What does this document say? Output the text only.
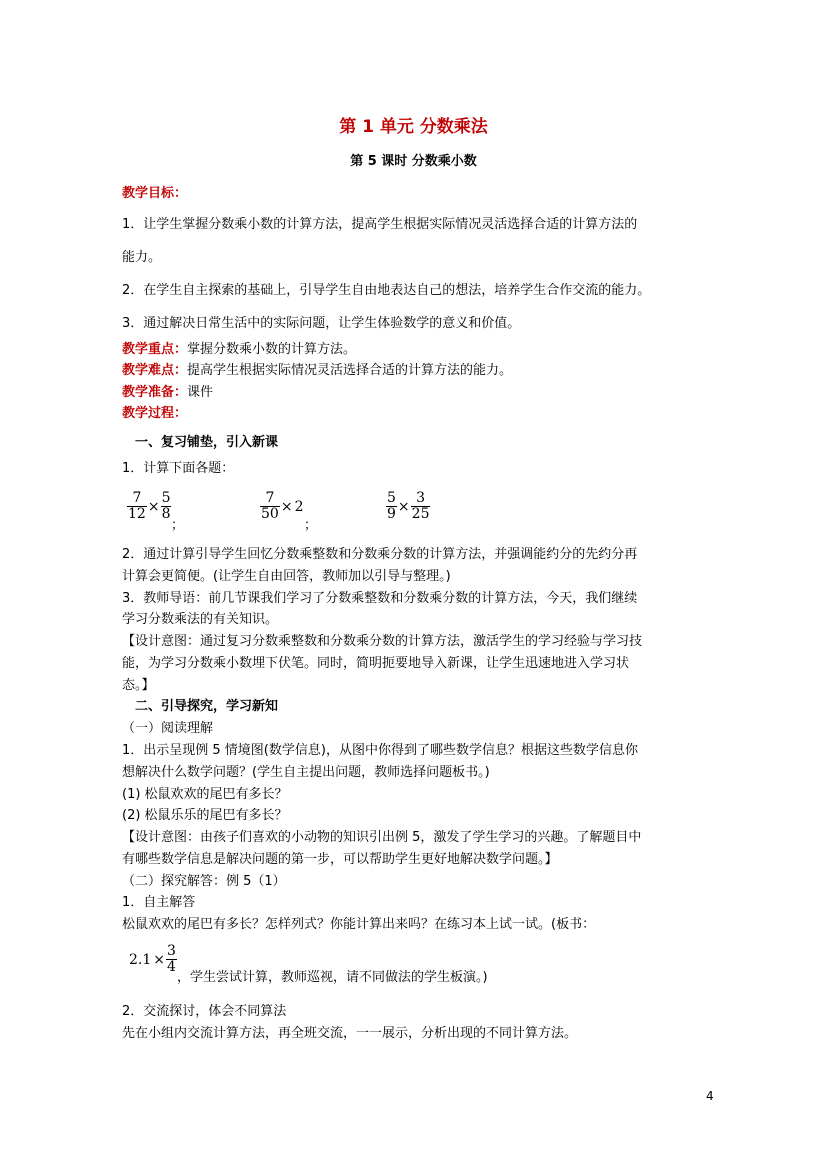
第 1 单元 分数乘法
第 5 课时 分数乘小数
教学目标：
1．让学生掌握分数乘小数的计算方法，提高学生根据实际情况灵活选择合适的计算方法的
能力。
2．在学生自主探索的基础上，引导学生自由地表达自己的想法，培养学生合作交流的能力。
3．通过解决日常生活中的实际问题，让学生体验数学的意义和价值。
教学重点：掌握分数乘小数的计算方法。
教学难点：提高学生根据实际情况灵活选择合适的计算方法的能力。
教学准备：课件
教学过程：
一、复习铺垫，引入新课
1．计算下面各题：
$\frac{7}{12} \times \frac{5}{8}$
；
$\frac{7}{50} \times 2$
；
$\frac{5}{9} \times \frac{3}{25}$
2．通过计算引导学生回忆分数乘整数和分数乘分数的计算方法，并强调能约分的先约分再
计算会更简便。(让学生自由回答，教师加以引导与整理。)
3．教师导语：前几节课我们学习了分数乘整数和分数乘分数的计算方法，今天，我们继续
学习分数乘法的有关知识。
【设计意图：通过复习分数乘整数和分数乘分数的计算方法，激活学生的学习经验与学习技
能，为学习分数乘小数埋下伏笔。同时，简明扼要地导入新课，让学生迅速地进入学习状
态。】
二、引导探究，学习新知
（一）阅读理解
1．出示呈现例 5 情境图(数学信息)，从图中你得到了哪些数学信息？根据这些数学信息你
想解决什么数学问题？(学生自主提出问题，教师选择问题板书。)
(1) 松鼠欢欢的尾巴有多长？
(2) 松鼠乐乐的尾巴有多长？
【设计意图：由孩子们喜欢的小动物的知识引出例 5，激发了学生学习的兴趣。了解题目中
有哪些数学信息是解决问题的第一步，可以帮助学生更好地解决数学问题。】
（二）探究解答：例 5（1）
1．自主解答
松鼠欢欢的尾巴有多长？怎样列式？你能计算出来吗？在练习本上试一试。(板书：
$2.1 \times \frac{3}{4}$
，学生尝试计算，教师巡视，请不同做法的学生板演。)
2．交流探讨，体会不同算法
先在小组内交流计算方法，再全班交流，一一展示，分析出现的不同计算方法。
4
